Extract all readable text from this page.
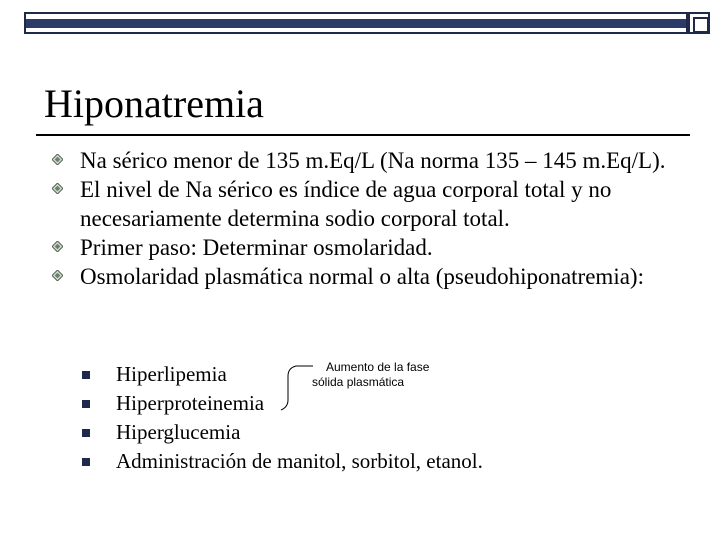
Hiponatremia
Na sérico menor de 135 m.Eq/L (Na norma 135 – 145 m.Eq/L).
El nivel de Na sérico es índice de agua corporal total y no necesariamente determina sodio corporal total.
Primer paso: Determinar osmolaridad.
Osmolaridad plasmática normal o alta (pseudohiponatremia):
Hiperlipemia
Hiperproteinemia
Hiperglucemia
Administración de manitol, sorbitol, etanol.
Aumento de la fase
sólida plasmática
